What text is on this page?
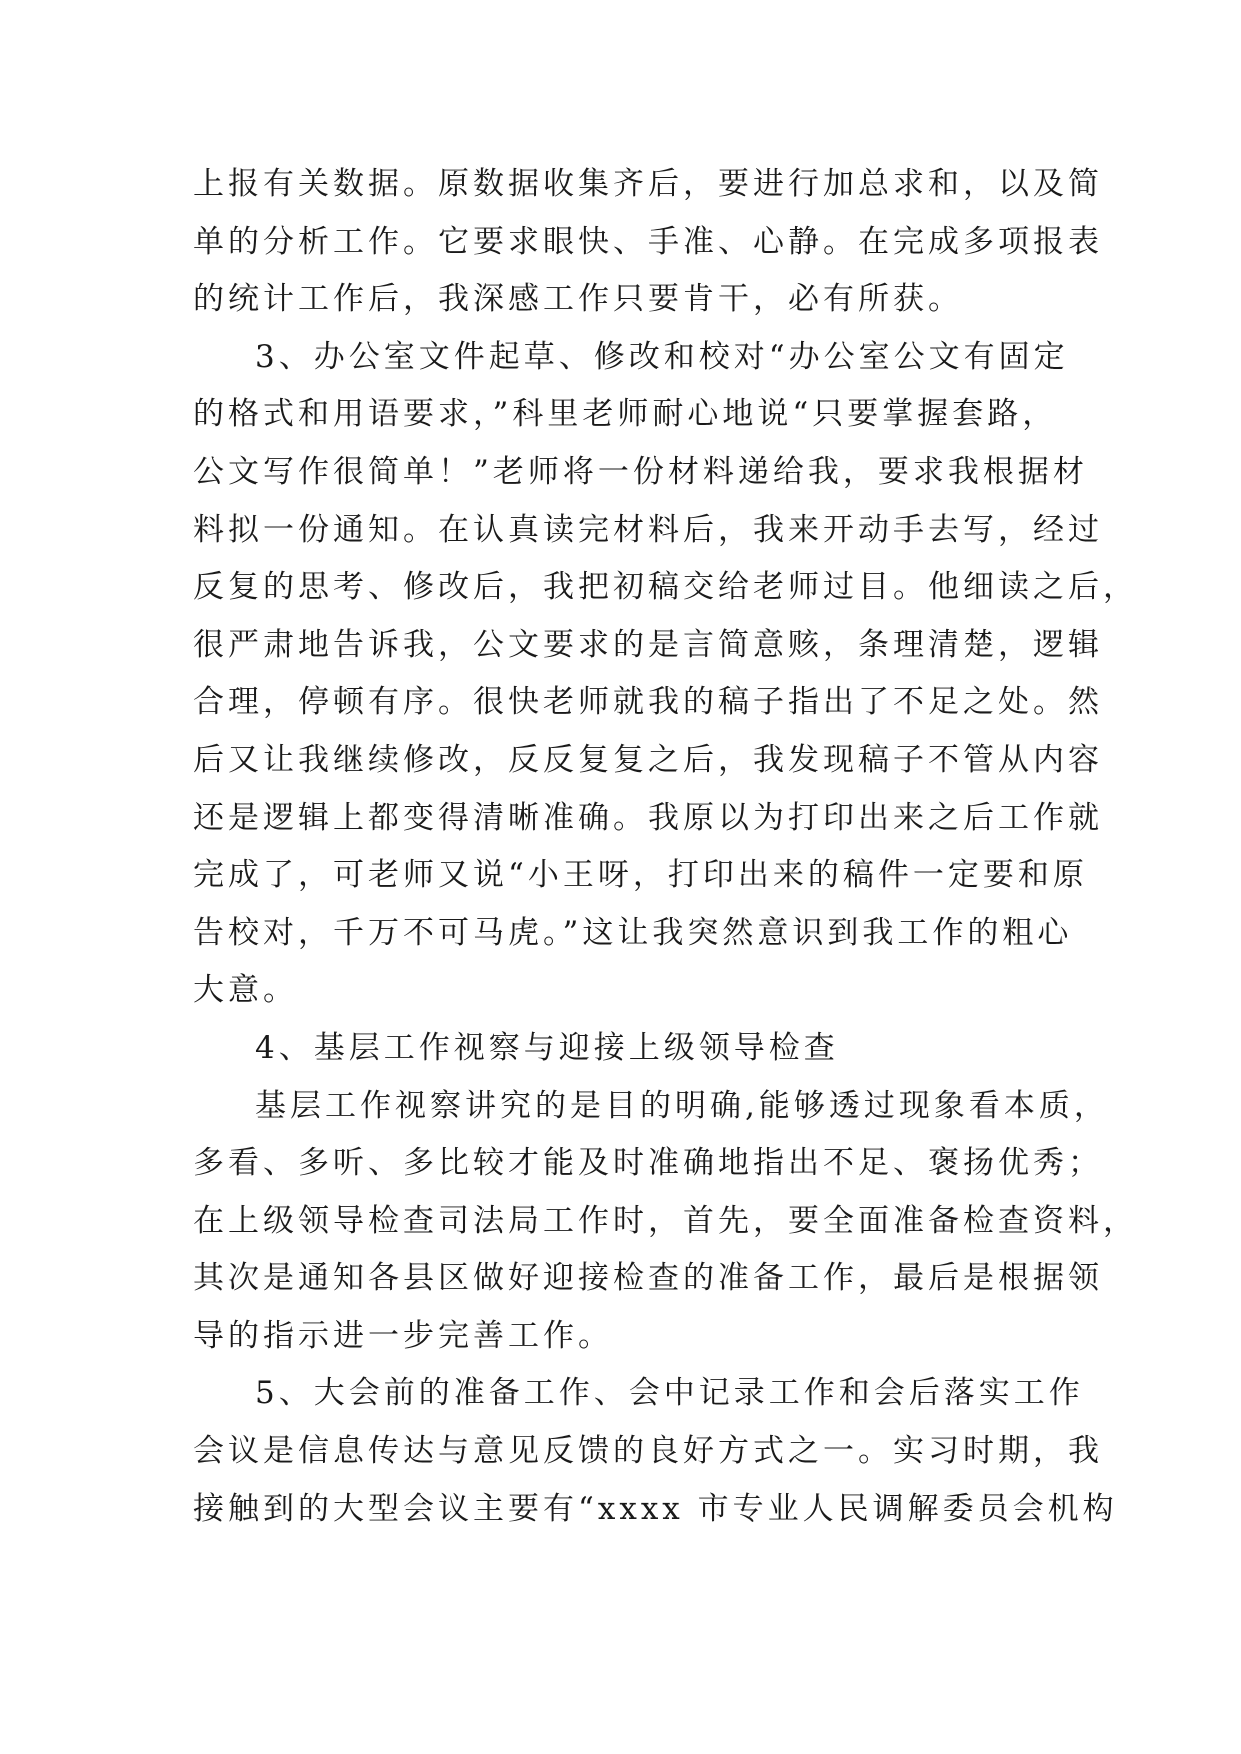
上报有关数据。原数据收集齐后，要进行加总求和，以及简
单的分析工作。它要求眼快、手准、心静。在完成多项报表
的统计工作后，我深感工作只要肯干，必有所获。
3、办公室文件起草、修改和校对“办公室公文有固定
的格式和用语要求，”科里老师耐心地说“只要掌握套路，
公文写作很简单！”老师将一份材料递给我，要求我根据材
料拟一份通知。在认真读完材料后，我来开动手去写，经过
反复的思考、修改后，我把初稿交给老师过目。他细读之后，
很严肃地告诉我，公文要求的是言简意赅，条理清楚，逻辑
合理，停顿有序。很快老师就我的稿子指出了不足之处。然
后又让我继续修改，反反复复之后，我发现稿子不管从内容
还是逻辑上都变得清晰准确。我原以为打印出来之后工作就
完成了，可老师又说“小王呀，打印出来的稿件一定要和原
告校对，千万不可马虎。”这让我突然意识到我工作的粗心
大意。
4、基层工作视察与迎接上级领导检查
基层工作视察讲究的是目的明确,能够透过现象看本质，
多看、多听、多比较才能及时准确地指出不足、褒扬优秀；
在上级领导检查司法局工作时，首先，要全面准备检查资料，
其次是通知各县区做好迎接检查的准备工作，最后是根据领
导的指示进一步完善工作。
5、大会前的准备工作、会中记录工作和会后落实工作
会议是信息传达与意见反馈的良好方式之一。实习时期，我
接触到的大型会议主要有“xxxx 市专业人民调解委员会机构
